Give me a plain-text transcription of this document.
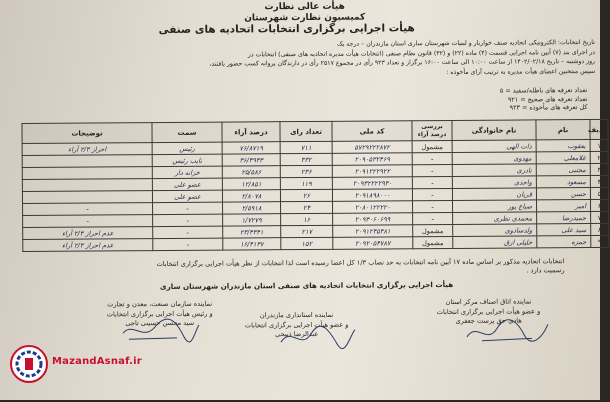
هیأت عالی نظارت
کمیسیون نظارت شهرستان
هیأت اجرایی برگزاری انتخابات اتحادیه های صنفی
تاریخ انتخابات: الکترونیکی اتحادیه صنف خواربار و لبنیات شهرستان ساری استان مازندران – درجه یک
در اجرای بند (۷) آیین نامه اجرایی قسمت (۴) ماده (۲۲) و (۳۲) قانون نظام صنفی (انتخابات هیأت مدیره اتحادیه های صنفی) انتخابات در
روز دوشنبه – تاریخ ۱۴۰۲/۰۲/۱۸ از ساعت ۱۰:۰۰ الی ساعت ۱۶:۰۰ برگزار و تعداد ۹۲۳ رأی در مجموع ۲۵۱۷ رأی در دارندگان پروانه کسب حضور یافتند،
سپس منتخبین اعضای هیأت مدیره به ترتیب آرای مأخوذه :
تعداد تعرفه های باطله/سفید = ۵
تعداد تعرفه های صحیح = ۹۲۱
کل تعرفه های مأخوذه = ۹۲۳
ردیف	نام	نام خانوادگی	بررسی درصد آراء	کد ملی	تعداد رای	درصد آراء	سمت	توضیحات
۱	یعقوب	ذات الهی	مشمول	۵۷۲۹۲۲۲۸۷۲	۷۱۱	۷۶/۸۷۱۹	رئیس	احراز ۲/۳ آراء
۲	غلامعلی	مهدوی	-	۲۰۹۰۵۳۲۴۶۹	۳۳۲	۳۶/۳۹۳۳	نایب رئیس	
۳	مجتبی	نادری	-	۲۰۹۱۲۲۲۹۲۲	۲۳۶	۲۵/۵۸۶	خزانه دار	
۴	مسعود	واحدی	-	۲۰۹۳۲۲۲۲۹۳۰	۱۱۹	۱۲/۸۵۱	عضو علی	
۵	حسن	قربان	-	۲۰۹۱۸۹۸۰۰۰	۲۶	۲/۸۰۷۸	عضو علی	
۶	امیر	صباغ پور	-	۲۰۸۰۱۲۲۲۲۰	۲۴	۲/۵۹۱۸	-	-
۷	حمیدرضا	محمدی نظری	-	۲۰۹۳۰۶۰۶۹۹	۱۶	۱/۷۲۷۹	-	-
۸	سید علی	ولدسادوی	مشمول	۲۰۹۱۲۳۵۳۸۱	۲۱۷	۲۳/۴۳۴۱	-	عدم احراز ۲/۳ آراء
۹	حمزه	خلیلی ازق	مشمول	۲۰۹۲۰۵۴۷۸۷	۱۵۲	۱۶/۴۱۳۷	-	عدم احراز ۲/۳ آراء
انتخابات اتحادیه مذکور بر اساس ماده ۱۷ آیین نامه انتخابات به حد نصاب ۱/۳ کل اعضا رسیده است لذا انتخابات از نظر هیأت اجرایی برگزاری انتخابات
رسمیت دارد .
هیأت اجرایی برگزاری انتخابات اتحادیه های صنفی استان مازندران شهرستان ساری
نماینده اتاق اصناف مرکز استان
و عضو هیأت اجرایی برگزاری انتخابات
هادی حق پرست جعفری
نماینده استانداری مازندران
و عضو هیأت اجرایی برگزاری انتخابات
عبدالرضا ذبیحی
نماینده سازمان صنعت، معدن و تجارت
و رئیس هیأت اجرایی برگزاری انتخابات
سید محسن حسینی تاجی
MazandAsnaf.ir
